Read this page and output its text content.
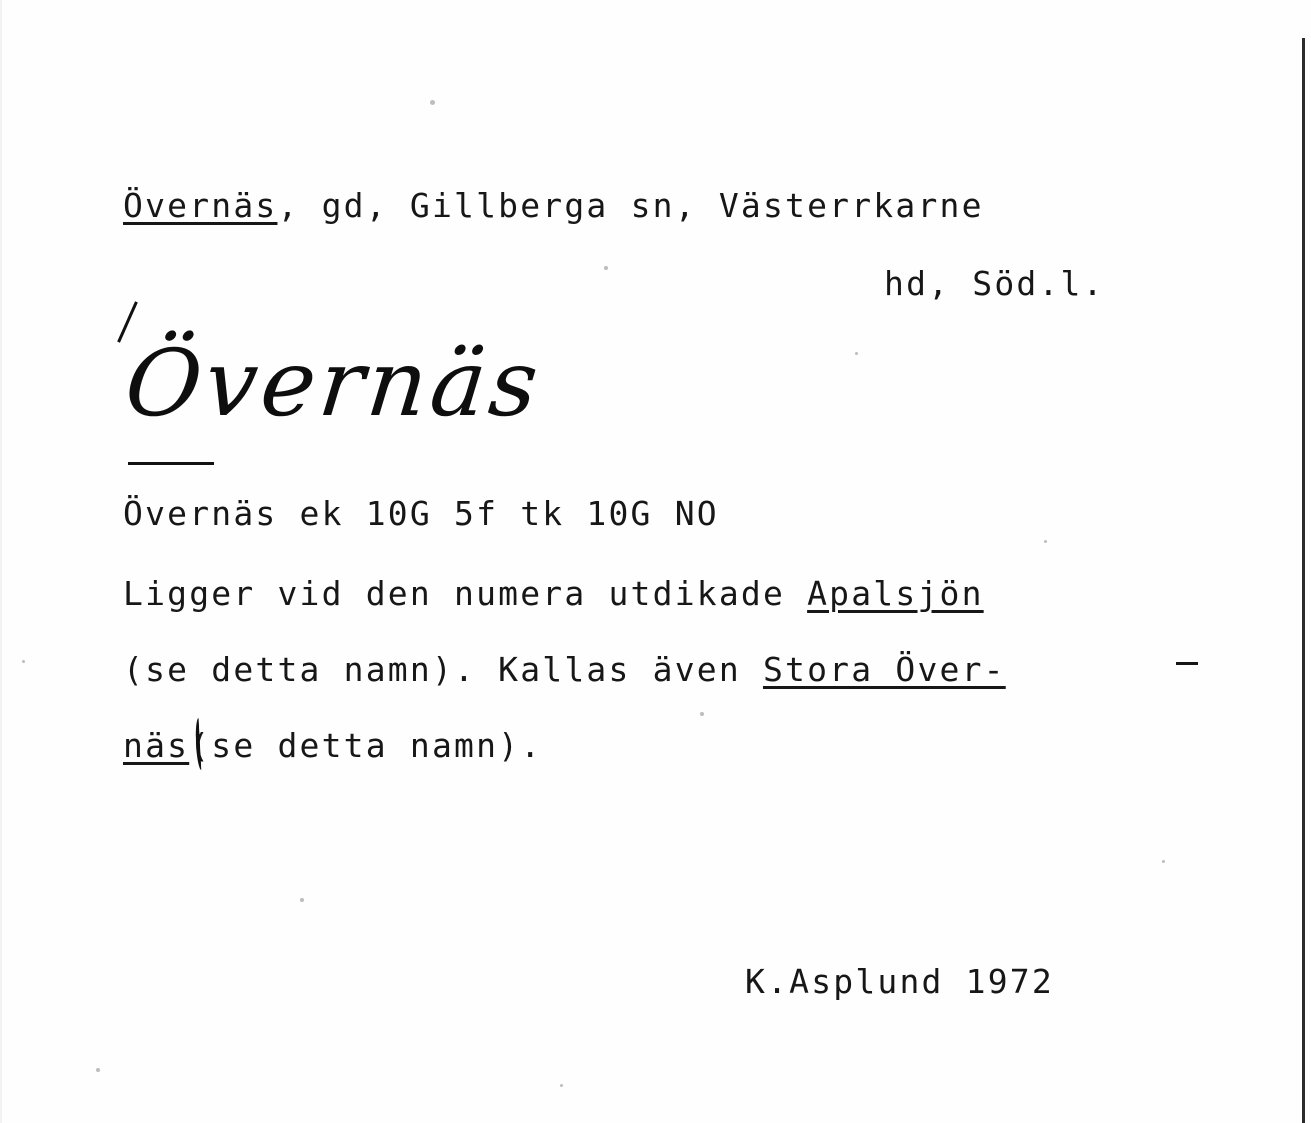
Övernäs, gd, Gillberga sn, Västerrkarne
hd, Söd.l.
Övernäs
Övernäs ek 10G 5f tk 10G NO
Ligger vid den numera utdikade Apalsjön
(se detta namn). Kallas även Stora Över-
näs(se detta namn).
K.Asplund 1972
